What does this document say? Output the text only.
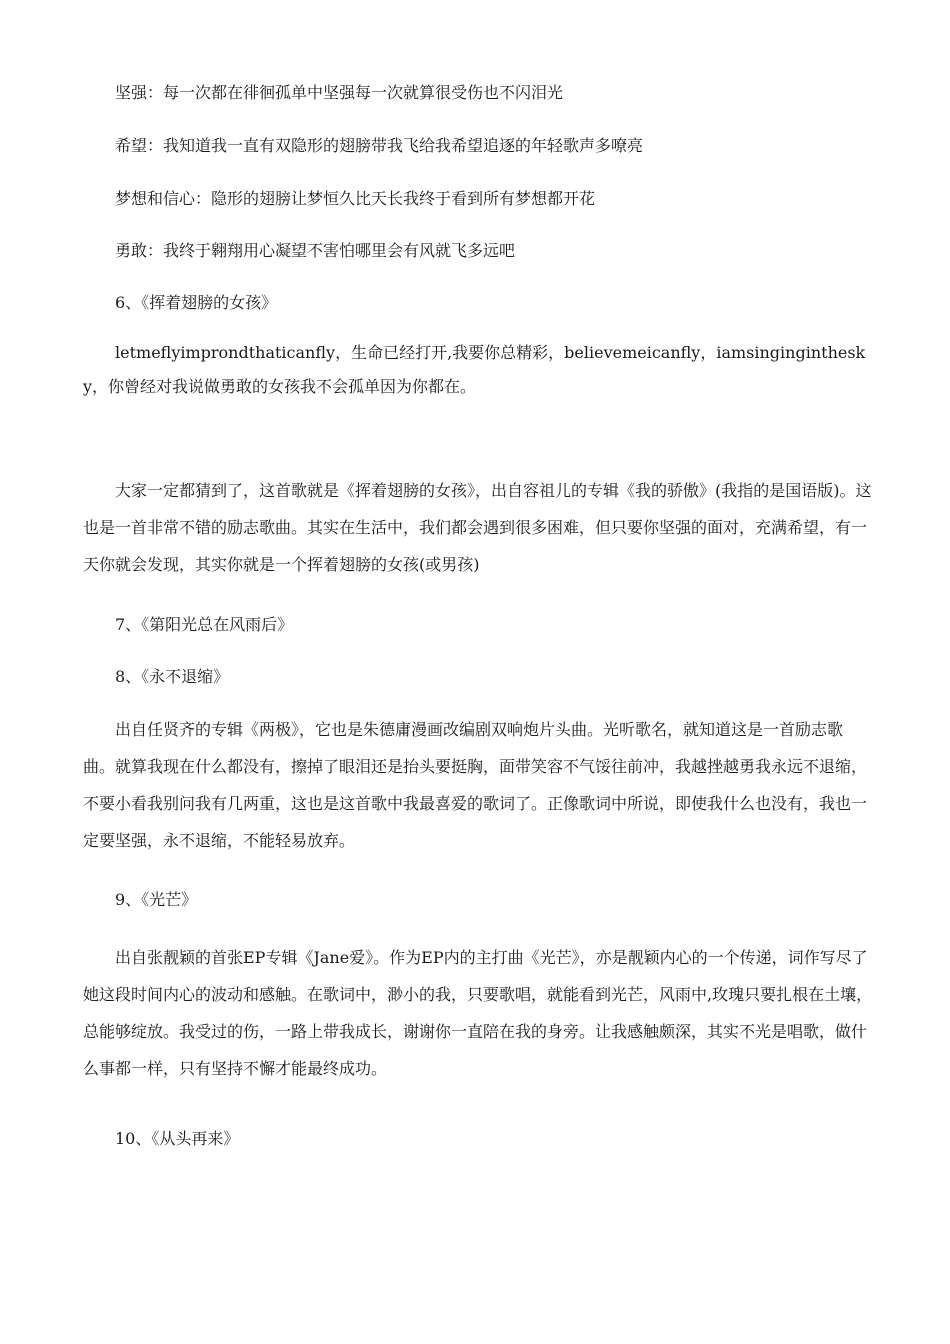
坚强：每一次都在徘徊孤单中坚强每一次就算很受伤也不闪泪光

希望：我知道我一直有双隐形的翅膀带我飞给我希望追逐的年轻歌声多嘹亮

梦想和信心：隐形的翅膀让梦恒久比天长我终于看到所有梦想都开花

勇敢：我终于翱翔用心凝望不害怕哪里会有风就飞多远吧

6、《挥着翅膀的女孩》

letmeflyimprondthaticanfly，生命已经打开,我要你总精彩，believemeicanfly，iamsinginginthesky，你曾经对我说做勇敢的女孩我不会孤单因为你都在。

大家一定都猜到了，这首歌就是《挥着翅膀的女孩》，出自容祖儿的专辑《我的骄傲》(我指的是国语版)。这也是一首非常不错的励志歌曲。其实在生活中，我们都会遇到很多困难，但只要你坚强的面对，充满希望，有一天你就会发现，其实你就是一个挥着翅膀的女孩(或男孩)

7、《第阳光总在风雨后》

8、《永不退缩》

出自任贤齐的专辑《两极》，它也是朱德庸漫画改编剧双响炮片头曲。光听歌名，就知道这是一首励志歌曲。就算我现在什么都没有，擦掉了眼泪还是抬头要挺胸，面带笑容不气馁往前冲，我越挫越勇我永远不退缩，不要小看我别问我有几两重，这也是这首歌中我最喜爱的歌词了。正像歌词中所说，即使我什么也没有，我也一定要坚强，永不退缩，不能轻易放弃。

9、《光芒》

出自张靓颖的首张EP专辑《Jane爱》。作为EP内的主打曲《光芒》，亦是靓颖内心的一个传递，词作写尽了她这段时间内心的波动和感触。在歌词中，渺小的我，只要歌唱，就能看到光芒，风雨中,玫瑰只要扎根在土壤，总能够绽放。我受过的伤，一路上带我成长，谢谢你一直陪在我的身旁。让我感触颇深，其实不光是唱歌，做什么事都一样，只有坚持不懈才能最终成功。

10、《从头再来》
